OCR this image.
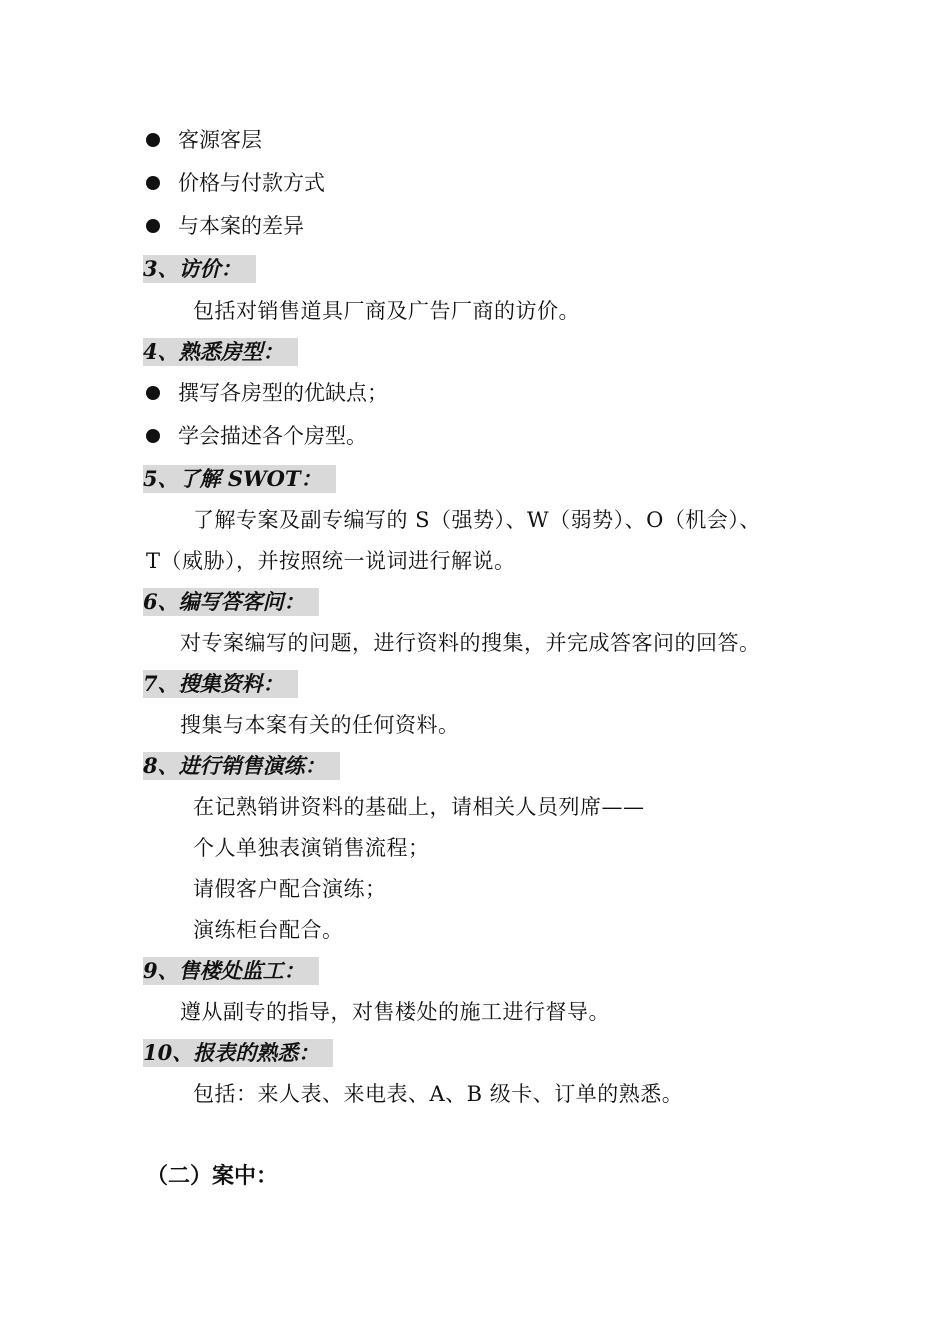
客源客层
价格与付款方式
与本案的差异
3、访价：
包括对销售道具厂商及广告厂商的访价。
4、熟悉房型：
撰写各房型的优缺点；
学会描述各个房型。
5、了解 SWOT：
了解专案及副专编写的 S（强势）、W（弱势）、O（机会）、
T（威胁），并按照统一说词进行解说。
6、编写答客问：
对专案编写的问题，进行资料的搜集，并完成答客问的回答。
7、搜集资料：
搜集与本案有关的任何资料。
8、进行销售演练：
在记熟销讲资料的基础上，请相关人员列席——
个人单独表演销售流程；
请假客户配合演练；
演练柜台配合。
9、售楼处监工：
遵从副专的指导，对售楼处的施工进行督导。
10、报表的熟悉：
包括：来人表、来电表、A、B 级卡、订单的熟悉。
（二）案中：
